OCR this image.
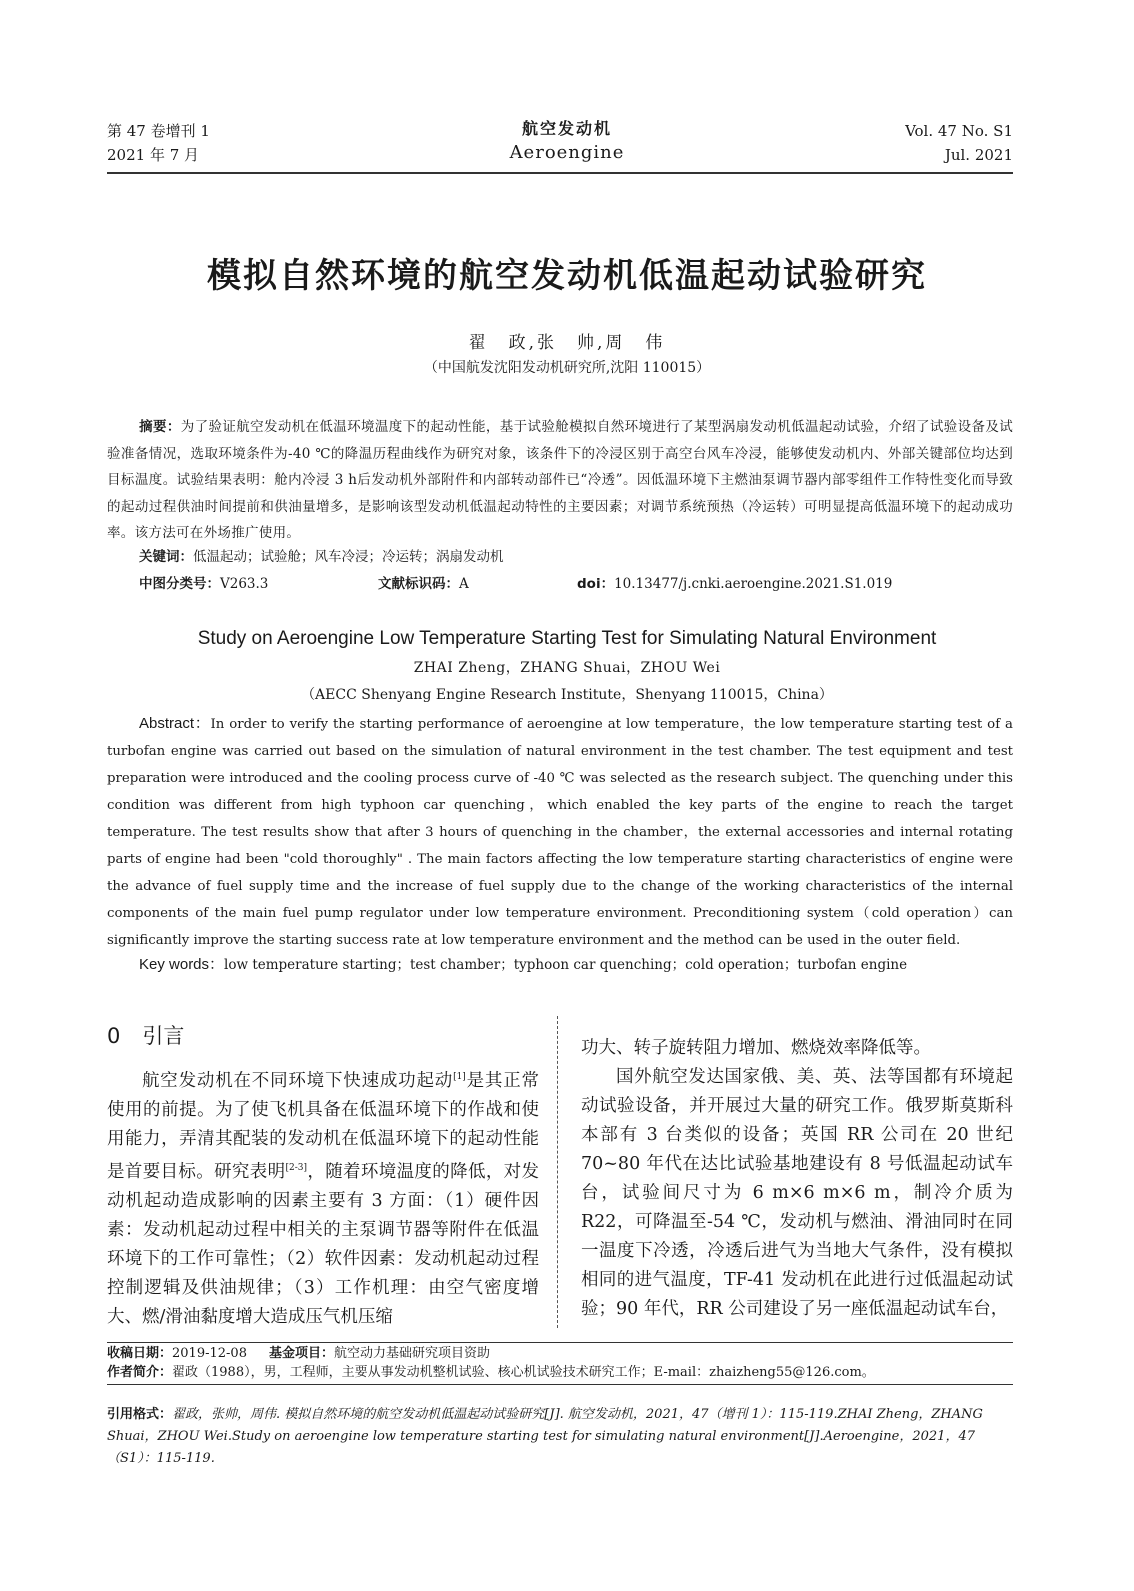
第 47 卷增刊 1
2021 年 7 月
航空发动机
Aeroengine
Vol. 47 No. S1
Jul. 2021
模拟自然环境的航空发动机低温起动试验研究
翟　政,张　帅,周　伟
（中国航发沈阳发动机研究所,沈阳 110015）
摘要：为了验证航空发动机在低温环境温度下的起动性能，基于试验舱模拟自然环境进行了某型涡扇发动机低温起动试验，介绍了试验设备及试验准备情况，选取环境条件为-40 ℃的降温历程曲线作为研究对象，该条件下的冷浸区别于高空台风车冷浸，能够使发动机内、外部关键部位均达到目标温度。试验结果表明：舱内冷浸 3 h后发动机外部附件和内部转动部件已“冷透”。因低温环境下主燃油泵调节器内部零组件工作特性变化而导致的起动过程供油时间提前和供油量增多，是影响该型发动机低温起动特性的主要因素；对调节系统预热（冷运转）可明显提高低温环境下的起动成功率。该方法可在外场推广使用。
关键词：低温起动；试验舱；风车冷浸；冷运转；涡扇发动机
中图分类号：V263.3	文献标识码：A	doi：10.13477/j.cnki.aeroengine.2021.S1.019
Study on Aeroengine Low Temperature Starting Test for Simulating Natural Environment
ZHAI Zheng，ZHANG Shuai，ZHOU Wei
（AECC Shenyang Engine Research Institute，Shenyang 110015，China）
Abstract：In order to verify the starting performance of aeroengine at low temperature，the low temperature starting test of a turbofan engine was carried out based on the simulation of natural environment in the test chamber. The test equipment and test preparation were introduced and the cooling process curve of -40 ℃ was selected as the research subject. The quenching under this condition was different from high typhoon car quenching，which enabled the key parts of the engine to reach the target temperature. The test results show that after 3 hours of quenching in the chamber，the external accessories and internal rotating parts of engine had been "cold thoroughly" . The main factors affecting the low temperature starting characteristics of engine were the advance of fuel supply time and the increase of fuel supply due to the change of the working characteristics of the internal components of the main fuel pump regulator under low temperature environment. Preconditioning system（cold operation）can significantly improve the starting success rate at low temperature environment and the method can be used in the outer field.
Key words：low temperature starting；test chamber；typhoon car quenching；cold operation；turbofan engine
0 引言

航空发动机在不同环境下快速成功起动[1]是其正常使用的前提。为了使飞机具备在低温环境下的作战和使用能力，弄清其配装的发动机在低温环境下的起动性能是首要目标。研究表明[2-3]，随着环境温度的降低，对发动机起动造成影响的因素主要有 3 方面：（1）硬件因素：发动机起动过程中相关的主泵调节器等附件在低温环境下的工作可靠性；（2）软件因素：发动机起动过程控制逻辑及供油规律；（3）工作机理：由空气密度增大、燃/滑油黏度增大造成压气机压缩

功大、转子旋转阻力增加、燃烧效率降低等。

国外航空发达国家俄、美、英、法等国都有环境起动试验设备，并开展过大量的研究工作。俄罗斯莫斯科本部有 3 台类似的设备；英国 RR 公司在 20 世纪 70~80 年代在达比试验基地建设有 8 号低温起动试车台，试验间尺寸为 6 m×6 m×6 m，制冷介质为 R22，可降温至-54 ℃，发动机与燃油、滑油同时在同一温度下冷透，冷透后进气为当地大气条件，没有模拟相同的进气温度，TF-41 发动机在此进行过低温起动试验；90 年代，RR 公司建设了另一座低温起动试车台，

收稿日期：2019-12-08 基金项目：航空动力基础研究项目资助
作者简介：翟政（1988），男，工程师，主要从事发动机整机试验、核心机试验技术研究工作；E-mail：zhaizheng55@126.com。
引用格式：翟政，张帅，周伟. 模拟自然环境的航空发动机低温起动试验研究[J]. 航空发动机，2021，47（增刊 1）：115-119.ZHAI Zheng，ZHANG Shuai，ZHOU Wei.Study on aeroengine low temperature starting test for simulating natural environment[J].Aeroengine，2021，47（S1）：115-119.
